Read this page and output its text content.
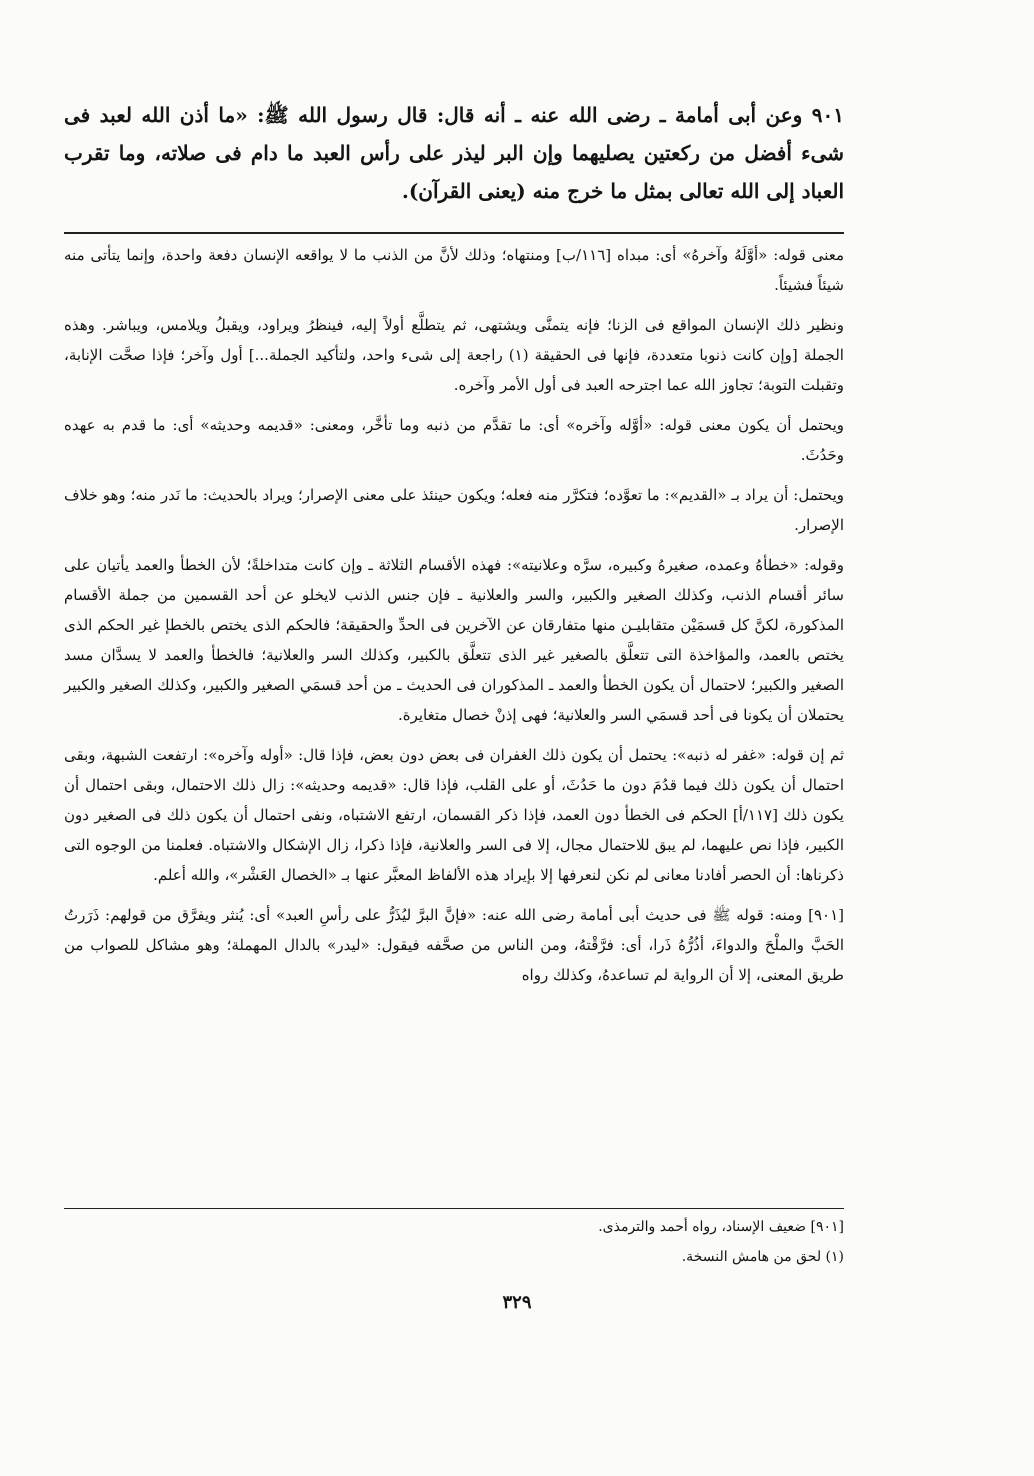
٩٠١ وعن أبى أمامة ـ رضى الله عنه ـ أنه قال: قال رسول الله ﷺ: «ما أذن الله لعبد فى شىء أفضل من ركعتين يصليهما وإن البر ليذر على رأس العبد ما دام فى صلاته، وما تقرب العباد إلى الله تعالى بمثل ما خرج منه (يعنى القرآن).

معنى قوله: «أوَّلَهُ وآخرهُ» أى: مبداه [١١٦/ب] ومنتهاه؛ وذلك لأنَّ من الذنب ما لا يواقعه الإنسان دفعة واحدة، وإنما يتأتى منه شيئاً فشيئاً.

ونظير ذلك الإنسان المواقع فى الزنا؛ فإنه يتمنَّى ويشتهى، ثم يتطلَّع أولاً إليه، فينظرُ ويراود، ويقبلُ ويلامس، ويباشر. وهذه الجملة [وإن كانت ذنوبا متعددة، فإنها فى الحقيقة (١) راجعة إلى شىء واحد، ولتأكيد الجملة...] أول وآخر؛ فإذا صحَّت الإنابة، وتقبلت التوبة؛ تجاوز الله عما اجترحه العبد فى أول الأمر وآخره.

ويحتمل أن يكون معنى قوله: «أوَّله وآخره» أى: ما تقدَّم من ذنبه وما تأخَّر، ومعنى: «قديمه وحديثه» أى: ما قدم به عهده وحَدُثَ.

ويحتمل: أن يراد بـ «القديم»: ما تعوَّده؛ فتكرَّر منه فعله؛ ويكون حينئذ على معنى الإصرار؛ ويراد بالحديث: ما نَدر منه؛ وهو خلاف الإصرار.

وقوله: «خطأهُ وعمده، صغيرهُ وكبيره، سرَّه وعلانيته»: فهذه الأقسام الثلاثة ـ وإن كانت متداخلةً؛ لأن الخطأ والعمد يأتيان على سائر أقسام الذنب، وكذلك الصغير والكبير، والسر والعلانية ـ فإن جنس الذنب لايخلو عن أحد القسمين من جملة الأقسام المذكورة، لكنَّ كل قسمَيْن متقابليـن منها متفارقان عن الآخرين فى الحدِّ والحقيقة؛ فالحكم الذى يختص بالخطإ غير الحكم الذى يختص بالعمد، والمؤاخذة التى تتعلَّق بالصغير غير الذى تتعلَّق بالكبير، وكذلك السر والعلانية؛ فالخطأ والعمد لا يسدَّان مسد الصغير والكبير؛ لاحتمال أن يكون الخطأ والعمد ـ المذكوران فى الحديث ـ من أحد قسمَي الصغير والكبير، وكذلك الصغير والكبير يحتملان أن يكونا فى أحد قسمَي السر والعلانية؛ فهى إذنْ خصال متغايرة.

ثم إن قوله: «غفر له ذنبه»: يحتمل أن يكون ذلك الغفران فى بعض دون بعض، فإذا قال: «أوله وآخره»: ارتفعت الشبهة، وبقى احتمال أن يكون ذلك فيما قدُمَ دون ما حَدُثَ، أو على القلب، فإذا قال: «قديمه وحديثه»: زال ذلك الاحتمال، وبقى احتمال أن يكون ذلك [١١٧/أ] الحكم فى الخطأ دون العمد، فإذا ذكر القسمان، ارتفع الاشتباه، ونفى احتمال أن يكون ذلك فى الصغير دون الكبير، فإذا نص عليهما، لم يبق للاحتمال مجال، إلا فى السر والعلانية، فإذا ذكرا، زال الإشكال والاشتباه. فعلمنا من الوجوه التى ذكرناها: أن الحصر أفادنا معانى لم نكن لنعرفها إلا بإيراد هذه الألفاظ المعبَّر عنها بـ «الخصال العَشْر»، والله أعلم.

[٩٠١] ومنه: قوله ﷺ فى حديث أبى أمامة رضى الله عنه: «فإنَّ البرَّ ليُذَرُّ على رأسِ العبد» أى: يُنثر ويفرَّق من قولهم: ذَرَرتُ الحَبَّ والملْحَ والدواءَ، أذُرُّهُ ذَرا، أى: فرَّقْتهُ، ومن الناس من صحَّفه فيقول: «ليدر» بالدال المهملة؛ وهو مشاكل للصواب من طريق المعنى، إلا أن الرواية لم تساعدهُ، وكذلك رواه

[٩٠١] ضعيف الإسناد، رواه أحمد والترمذى.

(١) لحق من هامش النسخة.

٣٢٩
